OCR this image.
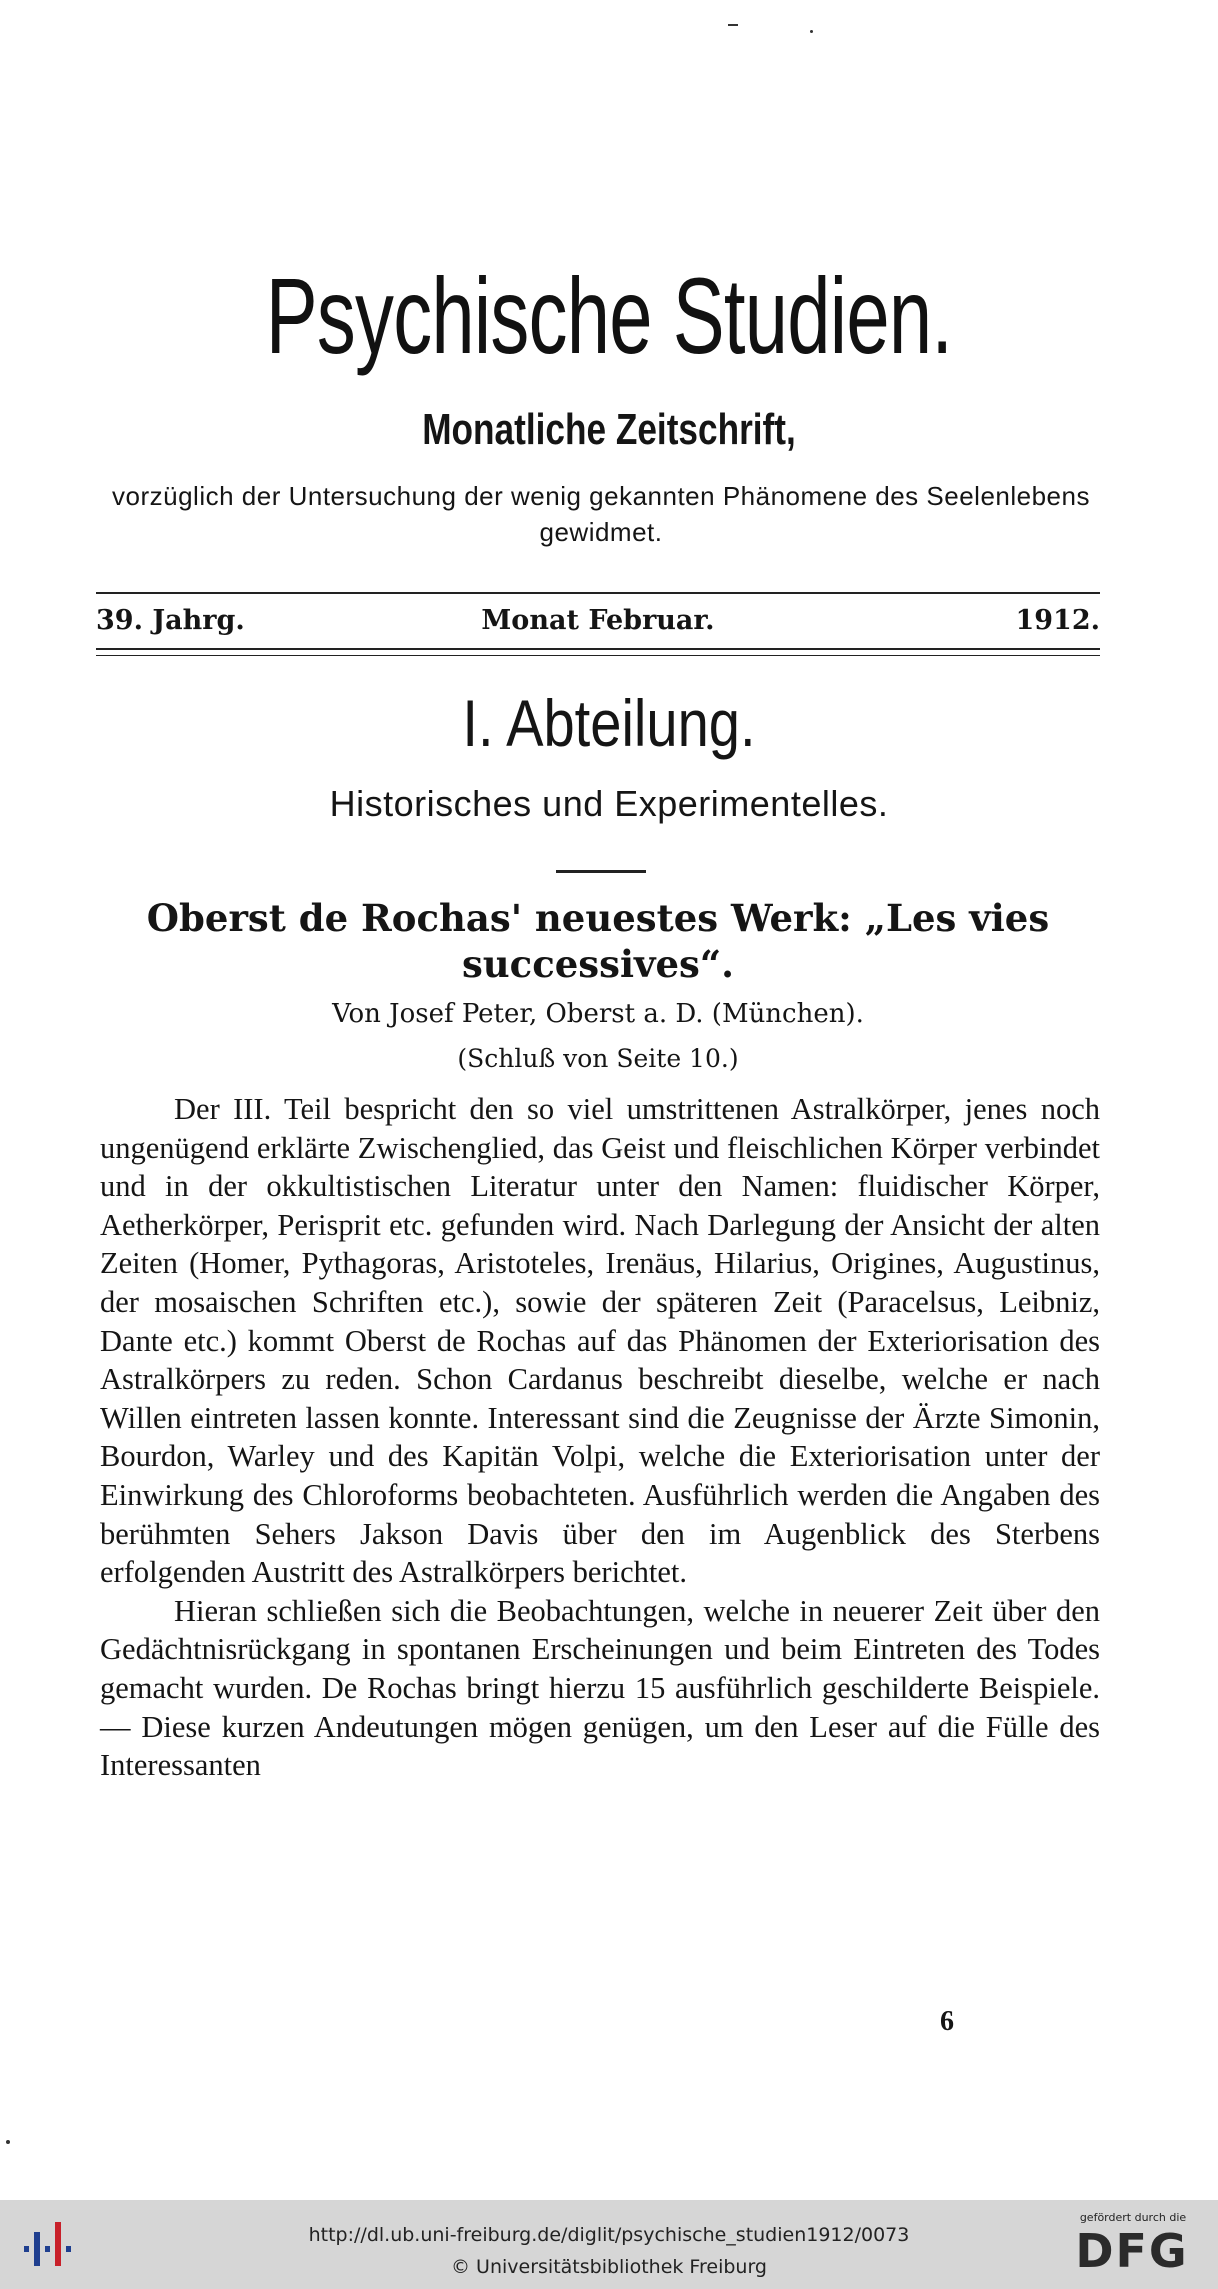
Psychische Studien.
Monatliche Zeitschrift,
vorzüglich der Untersuchung der wenig gekannten Phänomene des Seelenlebens gewidmet.
39. Jahrg.	Monat Februar.	1912.
I. Abteilung.
Historisches und Experimentelles.
Oberst de Rochas' neuestes Werk: „Les vies successives“.
Von Josef Peter, Oberst a. D. (München).
(Schluß von Seite 10.)

Der III. Teil bespricht den so viel umstrittenen Astralkörper, jenes noch ungenügend erklärte Zwischenglied, das Geist und fleischlichen Körper verbindet und in der okkultistischen Literatur unter den Namen: fluidischer Körper, Aetherkörper, Perisprit etc. gefunden wird. Nach Darlegung der Ansicht der alten Zeiten (Homer, Pythagoras, Aristoteles, Irenäus, Hilarius, Origines, Augustinus, der mosaischen Schriften etc.), sowie der späteren Zeit (Paracelsus, Leibniz, Dante etc.) kommt Oberst de Rochas auf das Phänomen der Exteriorisation des Astralkörpers zu reden. Schon Cardanus beschreibt dieselbe, welche er nach Willen eintreten lassen konnte. Interessant sind die Zeugnisse der Ärzte Simonin, Bourdon, Warley und des Kapitän Volpi, welche die Exteriorisation unter der Einwirkung des Chloroforms beobachteten. Ausführlich werden die Angaben des berühmten Sehers Jakson Davis über den im Augenblick des Sterbens erfolgenden Austritt des Astralkörpers berichtet.

Hieran schließen sich die Beobachtungen, welche in neuerer Zeit über den Gedächtnisrückgang in spontanen Erscheinungen und beim Eintreten des Todes gemacht wurden. De Rochas bringt hierzu 15 ausführlich geschilderte Beispiele. — Diese kurzen Andeutungen mögen genügen, um den Leser auf die Fülle des Interessanten

6
http://dl.ub.uni-freiburg.de/diglit/psychische_studien1912/0073
© Universitätsbibliothek Freiburg
gefördert durch die
DFG
